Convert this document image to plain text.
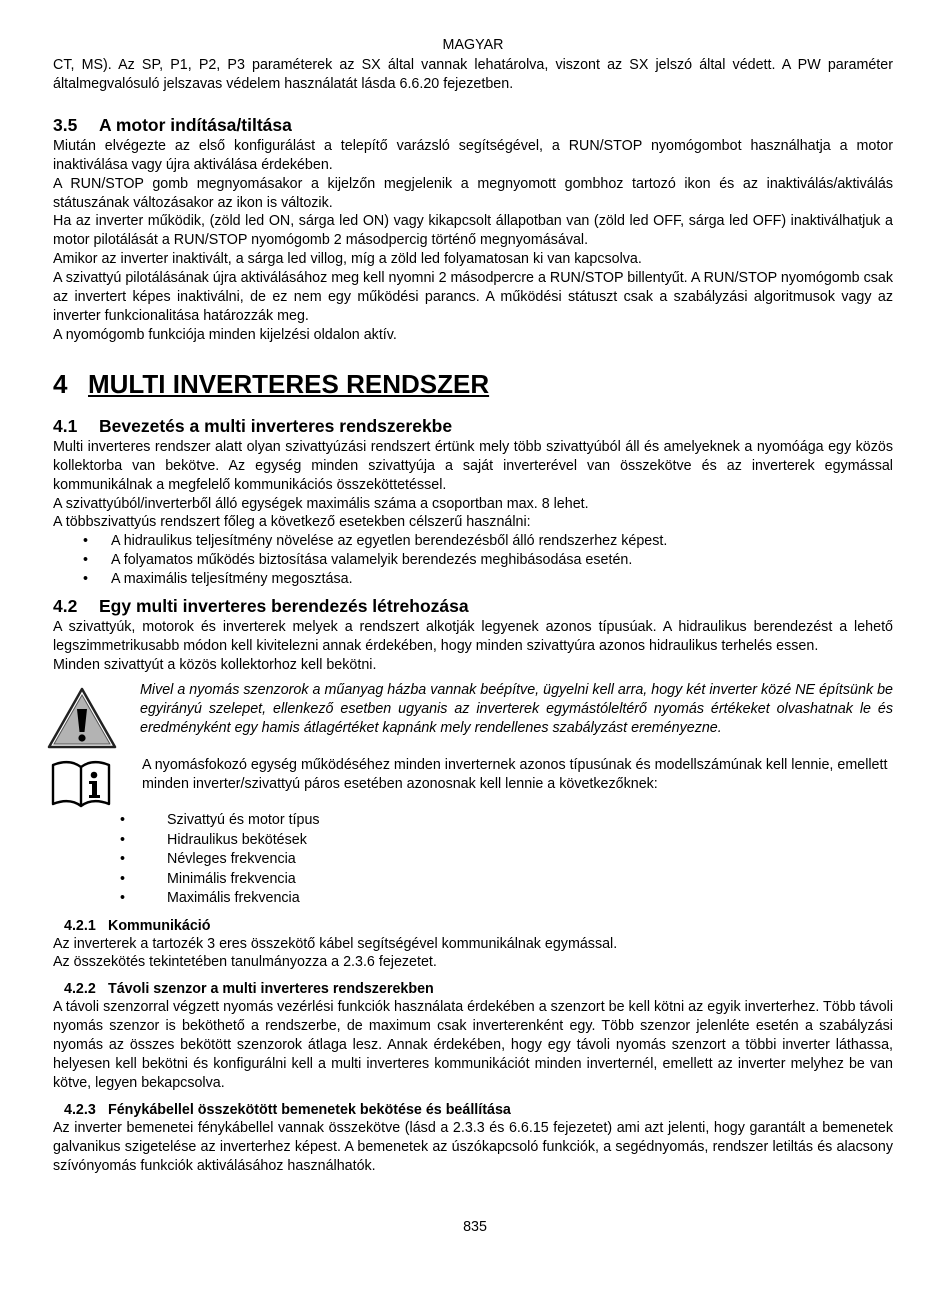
MAGYAR

CT, MS). Az SP, P1, P2, P3 paraméterek az SX által vannak lehatárolva, viszont az SX jelszó által védett. A PW paraméter általmegvalósuló jelszavas védelem használatát lásda 6.6.20 fejezetben.

3.5 A motor indítása/tiltása

Miután elvégezte az első konfigurálást a telepítő varázsló segítségével, a RUN/STOP nyomógombot használhatja a motor inaktiválása vagy újra aktiválása érdekében.

A RUN/STOP gomb megnyomásakor a kijelzőn megjelenik a megnyomott gombhoz tartozó ikon és az inaktiválás/aktiválás státuszának változásakor az ikon is változik.

Ha az inverter működik, (zöld led ON, sárga led ON) vagy kikapcsolt állapotban van (zöld led OFF, sárga led OFF) inaktiválhatjuk a motor pilotálását a RUN/STOP nyomógomb 2 másodpercig történő megnyomásával.

Amikor az inverter inaktivált, a sárga led villog, míg a zöld led folyamatosan ki van kapcsolva.

A szivattyú pilotálásának újra aktiválásához meg kell nyomni 2 másodpercre a RUN/STOP billentyűt. A RUN/STOP nyomógomb csak az invertert képes inaktiválni, de ez nem egy működési parancs. A működési státuszt csak a szabályzási algoritmusok vagy az inverter funkcionalitása határozzák meg.

A nyomógomb funkciója minden kijelzési oldalon aktív.

4 MULTI INVERTERES RENDSZER
4.1 Bevezetés a multi inverteres rendszerekbe

Multi inverteres rendszer alatt olyan szivattyúzási rendszert értünk mely több szivattyúból áll és amelyeknek a nyomóága egy közös kollektorba van bekötve. Az egység minden szivattyúja a saját inverterével van összekötve és az inverterek egymással kommunikálnak a megfelelő kommunikációs összeköttetéssel.

A szivattyúból/inverterből álló egységek maximális száma a csoportban max. 8 lehet.

A többszivattyús rendszert főleg a következő esetekben célszerű használni:

• A hidraulikus teljesítmény növelése az egyetlen berendezésből álló rendszerhez képest.
• A folyamatos működés biztosítása valamelyik berendezés meghibásodása esetén.
• A maximális teljesítmény megosztása.
4.2 Egy multi inverteres berendezés létrehozása

A szivattyúk, motorok és inverterek melyek a rendszert alkotják legyenek azonos típusúak. A hidraulikus berendezést a lehető legszimmetrikusabb módon kell kivitelezni annak érdekében, hogy minden szivattyúra azonos hidraulikus terhelés essen.

Minden szivattyút a közös kollektorhoz kell bekötni.

Mivel a nyomás szenzorok a műanyag házba vannak beépítve, ügyelni kell arra, hogy két inverter közé NE építsünk be egyirányú szelepet, ellenkező esetben ugyanis az inverterek egymástóleltérő nyomás értékeket olvashatnak le és eredményként egy hamis átlagértéket kapnánk mely rendellenes szabályzást ereményezne.

A nyomásfokozó egység működéséhez minden inverternek azonos típusúnak és modellszámúnak kell lennie, emellett minden inverter/szivattyú páros esetében azonosnak kell lennie a következőknek:

•	Szivattyú és motor típus
•	Hidraulikus bekötések
•	Névleges frekvencia
•	Minimális frekvencia
•	Maximális frekvencia
4.2.1 Kommunikáció

Az inverterek a tartozék 3 eres összekötő kábel segítségével kommunikálnak egymással.

Az összekötés tekintetében tanulmányozza a 2.3.6 fejezetet.

4.2.2 Távoli szenzor a multi inverteres rendszerekben

A távoli szenzorral végzett nyomás vezérlési funkciók használata érdekében a szenzort be kell kötni az egyik inverterhez. Több távoli nyomás szenzor is beköthető a rendszerbe, de maximum csak inverterenként egy. Több szenzor jelenléte esetén a szabályzási nyomás az összes bekötött szenzorok átlaga lesz. Annak érdekében, hogy egy távoli nyomás szenzort a többi inverter láthassa, helyesen kell bekötni és konfigurálni kell a multi inverteres kommunikációt minden inverternél, emellett az inverter melyhez be van kötve, legyen bekapcsolva.

4.2.3 Fénykábellel összekötött bemenetek bekötése és beállítása

Az inverter bemenetei fénykábellel vannak összekötve (lásd a 2.3.3 és 6.6.15 fejezetet) ami azt jelenti, hogy garantált a bemenetek galvanikus szigetelése az inverterhez képest. A bemenetek az úszókapcsoló funkciók, a segédnyomás, rendszer letiltás és alacsony szívónyomás funkciók aktiválásához használhatók.

835
